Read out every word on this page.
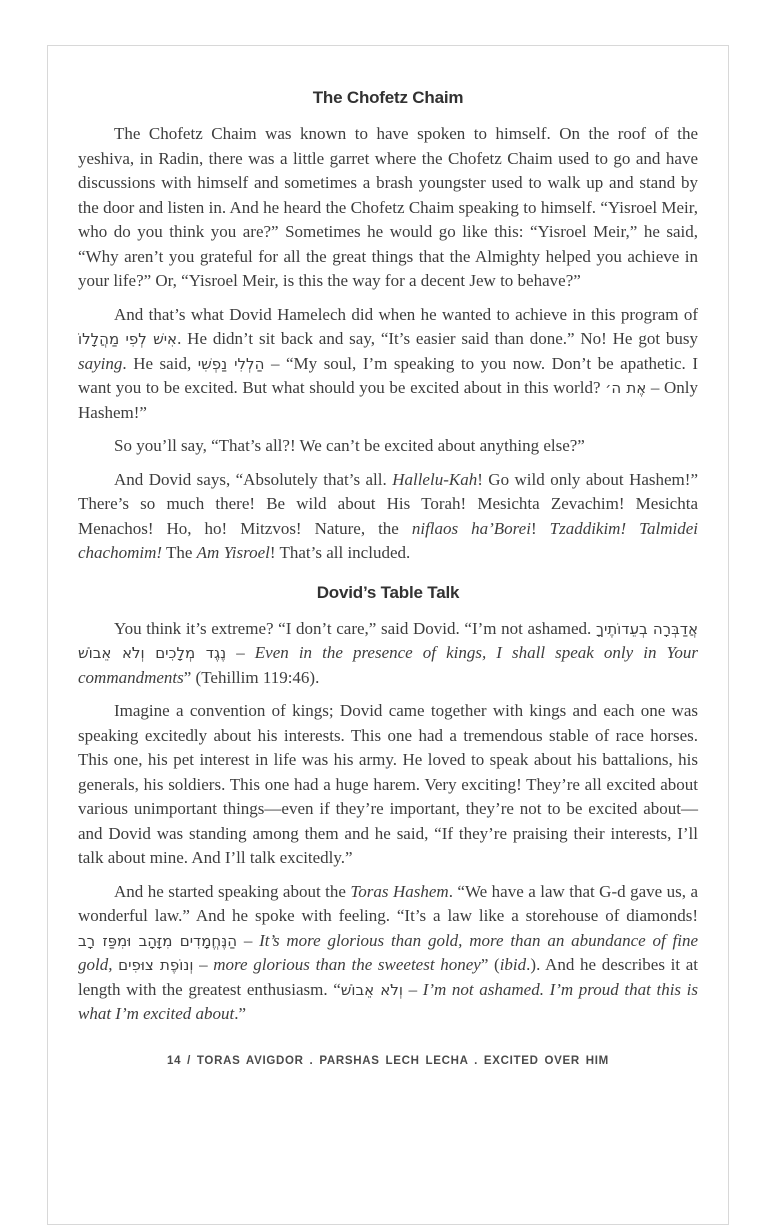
The Chofetz Chaim

The Chofetz Chaim was known to have spoken to himself. On the roof of the yeshiva, in Radin, there was a little garret where the Chofetz Chaim used to go and have discussions with himself and sometimes a brash youngster used to walk up and stand by the door and listen in. And he heard the Chofetz Chaim speaking to himself. “Yisroel Meir, who do you think you are?” Sometimes he would go like this: “Yisroel Meir,” he said, “Why aren’t you grateful for all the great things that the Almighty helped you achieve in your life?” Or, “Yisroel Meir, is this the way for a decent Jew to behave?”

And that’s what Dovid Hamelech did when he wanted to achieve in this program of אִישׁ לְפִי מַהֲלָלוֹ. He didn’t sit back and say, “It’s easier said than done.” No! He got busy saying. He said, הַלְלִי נַפְשִׁי – “My soul, I’m speaking to you now. Don’t be apathetic. I want you to be excited. But what should you be excited about in this world? אֶת ה׳ – Only Hashem!”

So you’ll say, “That’s all?! We can’t be excited about anything else?”

And Dovid says, “Absolutely that’s all. Hallelu-Kah! Go wild only about Hashem!” There’s so much there! Be wild about His Torah! Mesichta Zevachim! Mesichta Menachos! Ho, ho! Mitzvos! Nature, the niflaos ha’Borei! Tzaddikim! Talmidei chachomim! The Am Yisroel! That’s all included.

Dovid’s Table Talk

You think it’s extreme? “I don’t care,” said Dovid. “I’m not ashamed. אֲדַבְּרָה בְעֵדוֹתֶיךָ נֶגֶד מְלָכִים וְלֹא אֵבוֹשׁ – Even in the presence of kings, I shall speak only in Your commandments” (Tehillim 119:46).

Imagine a convention of kings; Dovid came together with kings and each one was speaking excitedly about his interests. This one had a tremendous stable of race horses. This one, his pet interest in life was his army. He loved to speak about his battalions, his generals, his soldiers. This one had a huge harem. Very exciting! They’re all excited about various unimportant things—even if they’re important, they’re not to be excited about—and Dovid was standing among them and he said, “If they’re praising their interests, I’ll talk about mine. And I’ll talk excitedly.”

And he started speaking about the Toras Hashem. “We have a law that G-d gave us, a wonderful law.” And he spoke with feeling. “It’s a law like a storehouse of diamonds! הַנֶּחֱמָדִים מִזָּהָב וּמִפַּז רָב – It’s more glorious than gold, more than an abundance of fine gold, וְנוֹפֶת צוּפִים – more glorious than the sweetest honey” (ibid.). And he describes it at length with the greatest enthusiasm. “וְלֹא אֵבוֹשׁ – I’m not ashamed. I’m proud that this is what I’m excited about.”

14 / TORAS AVIGDOR . PARSHAS LECH LECHA . EXCITED OVER HIM
